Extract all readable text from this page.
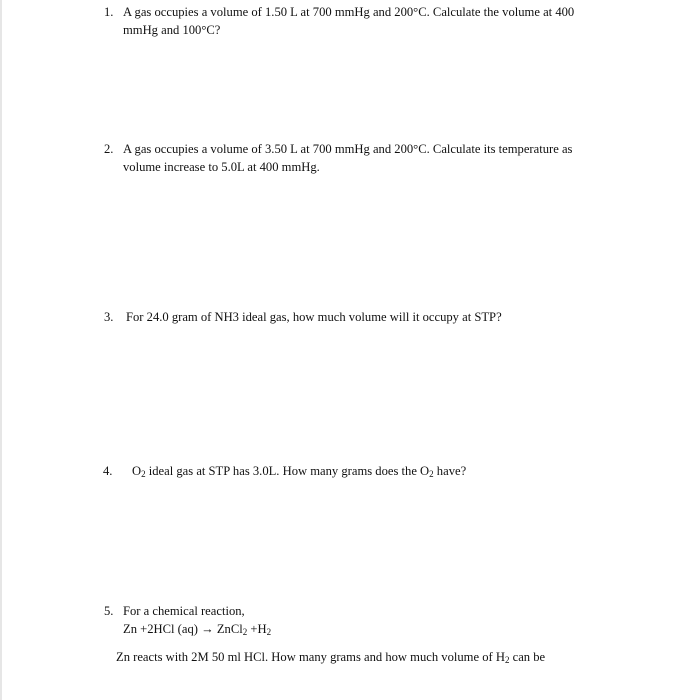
1. A gas occupies a volume of 1.50 L at 700 mmHg and 200°C. Calculate the volume at 400
mmHg and 100°C?
2. A gas occupies a volume of 3.50 L at 700 mmHg and 200°C. Calculate its temperature as
volume increase to 5.0L at 400 mmHg.
3. For 24.0 gram of NH3 ideal gas, how much volume will it occupy at STP?
4. $O_2$ ideal gas at STP has 3.0L. How many grams does the $O_2$ have?
5. For a chemical reaction,
Zn +2HCl (aq) → ZnCl$_2$ $+H_2$
Zn reacts with 2M 50 ml HCl. How many grams and how much volume of $H_2$ can be
